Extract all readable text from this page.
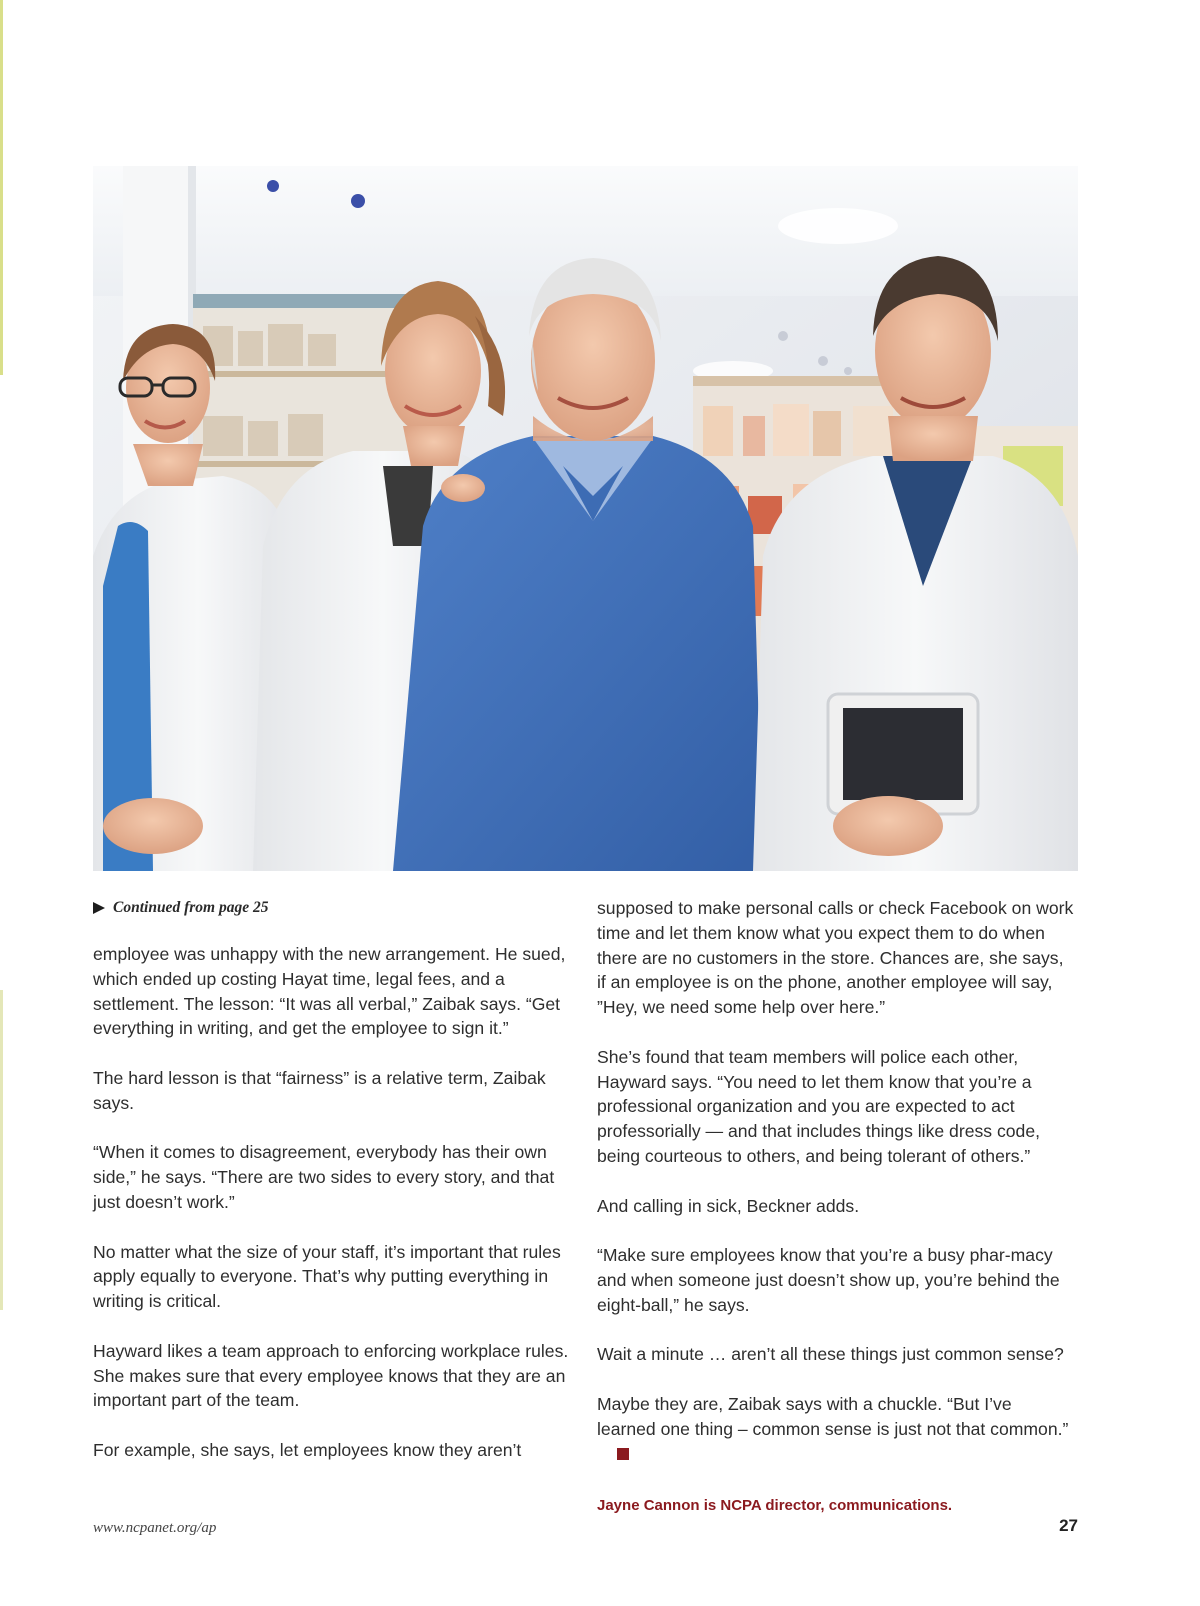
Continued from page 25

employee was unhappy with the new arrangement. He sued, which ended up costing Hayat time, legal fees, and a settlement. The lesson: “It was all verbal,” Zaibak says. “Get everything in writing, and get the employee to sign it.”

The hard lesson is that “fairness” is a relative term, Zaibak says.

“When it comes to disagreement, everybody has their own side,” he says. “There are two sides to every story, and that just doesn’t work.”

No matter what the size of your staff, it’s important that rules apply equally to everyone. That’s why putting everything in writing is critical.

Hayward likes a team approach to enforcing workplace rules. She makes sure that every employee knows that they are an important part of the team.

For example, she says, let employees know they aren’t

supposed to make personal calls or check Facebook on work time and let them know what you expect them to do when there are no customers in the store. Chances are, she says, if an employee is on the phone, another employee will say, ”Hey, we need some help over here.”

She’s found that team members will police each other, Hayward says. “You need to let them know that you’re a professional organization and you are expected to act professorially — and that includes things like dress code, being courteous to others, and being tolerant of others.”

And calling in sick, Beckner adds.

“Make sure employees know that you’re a busy phar-macy and when someone just doesn’t show up, you’re behind the eight-ball,” he says.

Wait a minute … aren’t all these things just common sense?

Maybe they are, Zaibak says with a chuckle. “But I’ve learned one thing – common sense is just not that common.”

Jayne Cannon is NCPA director, communications.
www.ncpanet.org/ap	27
